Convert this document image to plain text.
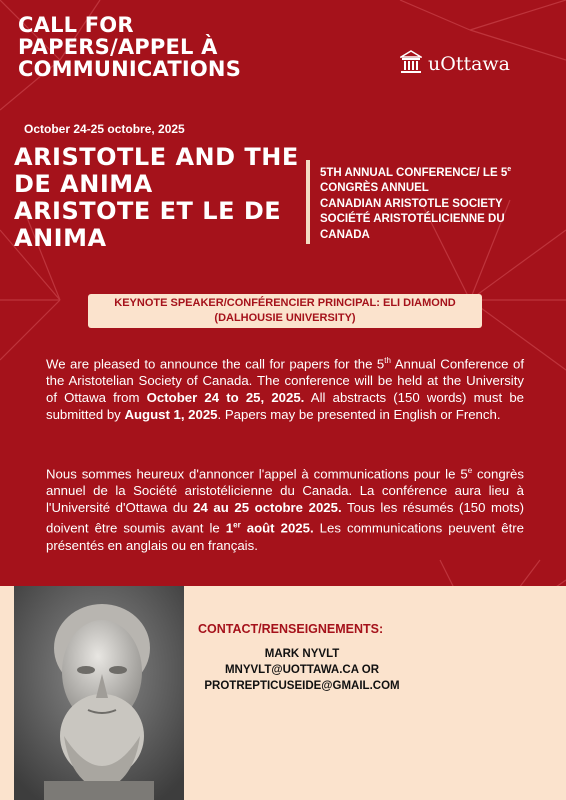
CALL FOR
PAPERS/APPEL À
COMMUNICATIONS	uOttawa
October 24-25 octobre, 2025
ARISTOTLE AND THE
DE ANIMA
ARISTOTE ET LE DE
ANIMA
5TH ANNUAL CONFERENCE/ LE 5e
CONGRÈS ANNUEL
CANADIAN ARISTOTLE SOCIETY
SOCIÉTÉ ARISTOTÉLICIENNE DU
CANADA
KEYNOTE SPEAKER/CONFÉRENCIER PRINCIPAL: ELI DIAMOND
(DALHOUSIE UNIVERSITY)
We are pleased to announce the call for papers for the 5th Annual Conference of the Aristotelian Society of Canada. The conference will be held at the University of Ottawa from October 24 to 25, 2025. All abstracts (150 words) must be submitted by August 1, 2025. Papers may be presented in English or French.
Nous sommes heureux d'annoncer l'appel à communications pour le 5e congrès annuel de la Société aristotélicienne du Canada. La conférence aura lieu à l'Université d'Ottawa du 24 au 25 octobre 2025. Tous les résumés (150 mots) doivent être soumis avant le 1er août 2025. Les communications peuvent être présentés en anglais ou en français.
CONTACT/RENSEIGNEMENTS:
MARK NYVLT
MNYVLT@UOTTAWA.CA OR
PROTREPTICUSEIDE@GMAIL.COM
